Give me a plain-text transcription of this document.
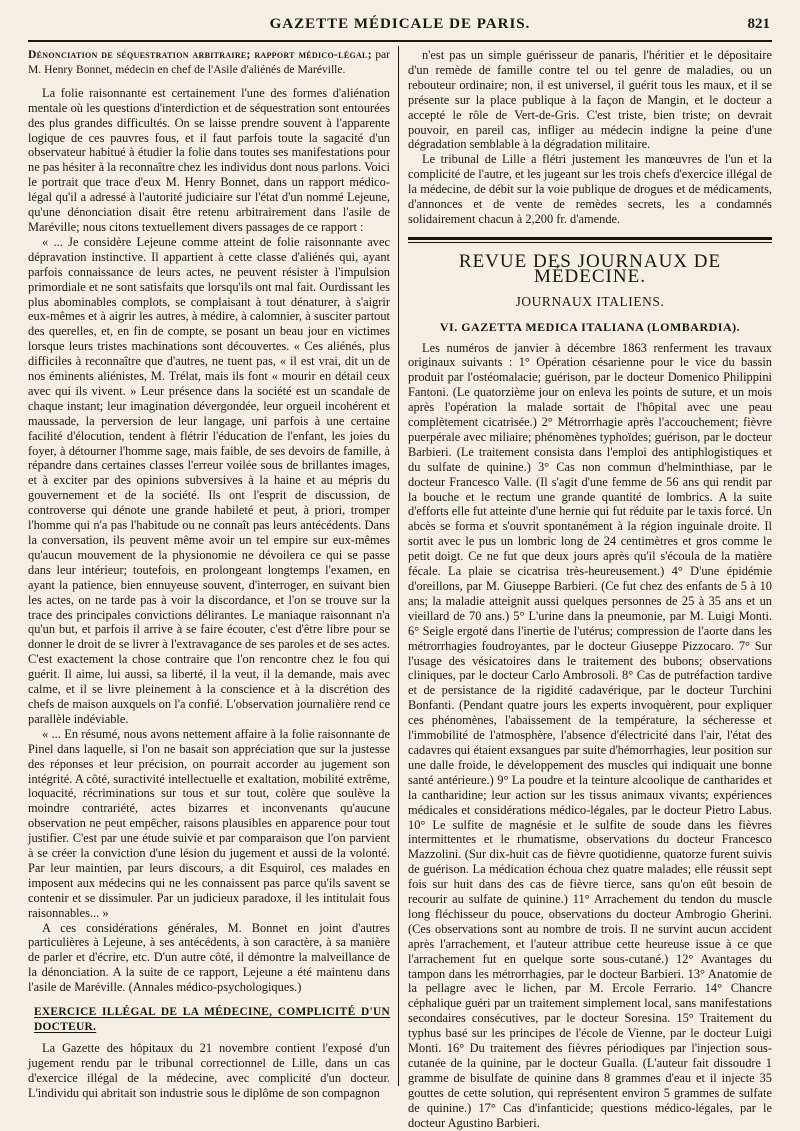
GAZETTE MÉDICALE DE PARIS.	821

Dénonciation de séquestration arbitraire; rapport médico-légal; par M. Henry Bonnet, médecin en chef de l'Asile d'aliénés de Maréville.

La folie raisonnante est certainement l'une des formes d'aliénation mentale où les questions d'interdiction et de séquestration sont entourées des plus grandes difficultés. On se laisse prendre souvent à l'apparente logique de ces pauvres fous, et il faut parfois toute la sagacité d'un observateur habitué à étudier la folie dans toutes ses manifestations pour ne pas hésiter à la reconnaître chez les individus dont nous parlons. Voici le portrait que trace d'eux M. Henry Bonnet, dans un rapport médico-légal qu'il a adressé à l'autorité judiciaire sur l'état d'un nommé Lejeune, qu'une dénonciation disait être retenu arbitrairement dans l'asile de Maréville; nous citons textuellement divers passages de ce rapport :

« ... Je considère Lejeune comme atteint de folie raisonnante avec dépravation instinctive. Il appartient à cette classe d'aliénés qui, ayant parfois connaissance de leurs actes, ne peuvent résister à l'impulsion primordiale et ne sont satisfaits que lorsqu'ils ont mal fait. Ourdissant les plus abominables complots, se complaisant à tout dénaturer, à s'aigrir eux-mêmes et à aigrir les autres, à médire, à calomnier, à susciter partout des querelles, et, en fin de compte, se posant un beau jour en victimes lorsque leurs tristes machinations sont découvertes. « Ces aliénés, plus difficiles à reconnaître que d'autres, ne tuent pas, « il est vrai, dit un de nos éminents aliénistes, M. Trélat, mais ils font « mourir en détail ceux avec qui ils vivent. » Leur présence dans la société est un scandale de chaque instant; leur imagination dévergondée, leur orgueil incohérent et maussade, la perversion de leur langage, uni parfois à une certaine facilité d'élocution, tendent à flétrir l'éducation de l'enfant, les joies du foyer, à détourner l'homme sage, mais faible, de ses devoirs de famille, à répandre dans certaines classes l'erreur voilée sous de brillantes images, et à exciter par des opinions subversives à la haine et au mépris du gouvernement et de la société. Ils ont l'esprit de discussion, de controverse qui dénote une grande habileté et peut, à priori, tromper l'homme qui n'a pas l'habitude ou ne connaît pas leurs antécédents. Dans la conversation, ils peuvent même avoir un tel empire sur eux-mêmes qu'aucun mouvement de la physionomie ne dévoilera ce qui se passe dans leur intérieur; toutefois, en prolongeant longtemps l'examen, en ayant la patience, bien ennuyeuse souvent, d'interroger, en suivant bien les actes, on ne tarde pas à voir la discordance, et l'on se trouve sur la trace des principales convictions délirantes. Le maniaque raisonnant n'a qu'un but, et parfois il arrive à se faire écouter, c'est d'être libre pour se donner le droit de se livrer à l'extravagance de ses paroles et de ses actes. C'est exactement la chose contraire que l'on rencontre chez le fou qui guérit. Il aime, lui aussi, sa liberté, il la veut, il la demande, mais avec calme, et il se livre pleinement à la conscience et à la discrétion des chefs de maison auxquels on l'a confié. L'observation journalière rend ce parallèle indéviable.

« ... En résumé, nous avons nettement affaire à la folie raisonnante de Pinel dans laquelle, si l'on ne basait son appréciation que sur la justesse des réponses et leur précision, on pourrait accorder au jugement son intégrité. A côté, suractivité intellectuelle et exaltation, mobilité extrême, loquacité, récriminations sur tous et sur tout, colère que soulève la moindre contrariété, actes bizarres et inconvenants qu'aucune observation ne peut empêcher, raisons plausibles en apparence pour tout justifier. C'est par une étude suivie et par comparaison que l'on parvient à se créer la conviction d'une lésion du jugement et aussi de la volonté. Par leur maintien, par leurs discours, a dit Esquirol, ces malades en imposent aux médecins qui ne les connaissent pas parce qu'ils savent se contenir et se dissimuler. Par un judicieux paradoxe, il les intitulait fous raisonnables... »

A ces considérations générales, M. Bonnet en joint d'autres particulières à Lejeune, à ses antécédents, à son caractère, à sa manière de parler et d'écrire, etc. D'un autre côté, il démontre la malveillance de la dénonciation. A la suite de ce rapport, Lejeune a été maintenu dans l'asile de Maréville. (Annales médico-psychologiques.)

EXERCICE ILLÉGAL DE LA MÉDECINE, COMPLICITÉ D'UN DOCTEUR.

La Gazette des hôpitaux du 21 novembre contient l'exposé d'un jugement rendu par le tribunal correctionnel de Lille, dans un cas d'exercice illégal de la médecine, avec complicité d'un docteur. L'individu qui abritait son industrie sous le diplôme de son compagnon

n'est pas un simple guérisseur de panaris, l'héritier et le dépositaire d'un remède de famille contre tel ou tel genre de maladies, ou un rebouteur ordinaire; non, il est universel, il guérit tous les maux, et il se présente sur la place publique à la façon de Mangin, et le docteur a accepté le rôle de Vert-de-Gris. C'est triste, bien triste; on devrait pouvoir, en pareil cas, infliger au médecin indigne la peine d'une dégradation semblable à la dégradation militaire.

Le tribunal de Lille a flétri justement les manœuvres de l'un et la complicité de l'autre, et les jugeant sur les trois chefs d'exercice illégal de la médecine, de débit sur la voie publique de drogues et de médicaments, d'annonces et de vente de remèdes secrets, les a condamnés solidairement chacun à 2,200 fr. d'amende.

REVUE DES JOURNAUX DE MÉDECINE.

JOURNAUX ITALIENS.

VI. GAZETTA MEDICA ITALIANA (LOMBARDIA).

Les numéros de janvier à décembre 1863 renferment les travaux originaux suivants : 1° Opération césarienne pour le vice du bassin produit par l'ostéomalacie; guérison, par le docteur Domenico Philippini Fantoni. (Le quatorzième jour on enleva les points de suture, et un mois après l'opération la malade sortait de l'hôpital avec une peau complètement cicatrisée.) 2° Métrorrhagie après l'accouchement; fièvre puerpérale avec miliaire; phénomènes typhoïdes; guérison, par le docteur Barbieri. (Le traitement consista dans l'emploi des antiphlogistiques et du sulfate de quinine.) 3° Cas non commun d'helminthiase, par le docteur Francesco Valle. (Il s'agit d'une femme de 56 ans qui rendit par la bouche et le rectum une grande quantité de lombrics. A la suite d'efforts elle fut atteinte d'une hernie qui fut réduite par le taxis forcé. Un abcès se forma et s'ouvrit spontanément à la région inguinale droite. Il sortit avec le pus un lombric long de 24 centimètres et gros comme le petit doigt. Ce ne fut que deux jours après qu'il s'écoula de la matière fécale. La plaie se cicatrisa très-heureusement.) 4° D'une épidémie d'oreillons, par M. Giuseppe Barbieri. (Ce fut chez des enfants de 5 à 10 ans; la maladie atteignit aussi quelques personnes de 25 à 35 ans et un vieillard de 70 ans.) 5° L'urine dans la pneumonie, par M. Luigi Monti. 6° Seigle ergoté dans l'inertie de l'utérus; compression de l'aorte dans les métrorrhagies foudroyantes, par le docteur Giuseppe Pizzocaro. 7° Sur l'usage des vésicatoires dans le traitement des bubons; observations cliniques, par le docteur Carlo Ambrosoli. 8° Cas de putréfaction tardive et de persistance de la rigidité cadavérique, par le docteur Turchini Bonfanti. (Pendant quatre jours les experts invoquèrent, pour expliquer ces phénomènes, l'abaissement de la température, la sécheresse et l'immobilité de l'atmosphère, l'absence d'électricité dans l'air, l'état des cadavres qui étaient exsangues par suite d'hémorrhagies, leur position sur une dalle froide, le développement des muscles qui indiquait une bonne santé antérieure.) 9° La poudre et la teinture alcoolique de cantharides et la cantharidine; leur action sur les tissus animaux vivants; expériences médicales et considérations médico-légales, par le docteur Pietro Labus. 10° Le sulfite de magnésie et le sulfite de soude dans les fièvres intermittentes et le rhumatisme, observations du docteur Francesco Mazzolini. (Sur dix-huit cas de fièvre quotidienne, quatorze furent suivis de guérison. La médication échoua chez quatre malades; elle réussit sept fois sur huit dans des cas de fièvre tierce, sans qu'on eût besoin de recourir au sulfate de quinine.) 11° Arrachement du tendon du muscle long fléchisseur du pouce, observations du docteur Ambrogio Gherini. (Ces observations sont au nombre de trois. Il ne survint aucun accident après l'arrachement, et l'auteur attribue cette heureuse issue à ce que l'arrachement fut en quelque sorte sous-cutané.) 12° Avantages du tampon dans les métrorrhagies, par le docteur Barbieri. 13° Anatomie de la pellagre avec le lichen, par M. Ercole Ferrario. 14° Chancre céphalique guéri par un traitement simplement local, sans manifestations secondaires consécutives, par le docteur Soresina. 15° Traitement du typhus basé sur les principes de l'école de Vienne, par le docteur Luigi Monti. 16° Du traitement des fièvres périodiques par l'injection sous-cutanée de la quinine, par le docteur Gualla. (L'auteur fait dissoudre 1 gramme de bisulfate de quinine dans 8 grammes d'eau et il injecte 35 gouttes de cette solution, qui représentent environ 5 grammes de sulfate de quinine.) 17° Cas d'infanticide; questions médico-légales, par le docteur Agustino Barbieri.
